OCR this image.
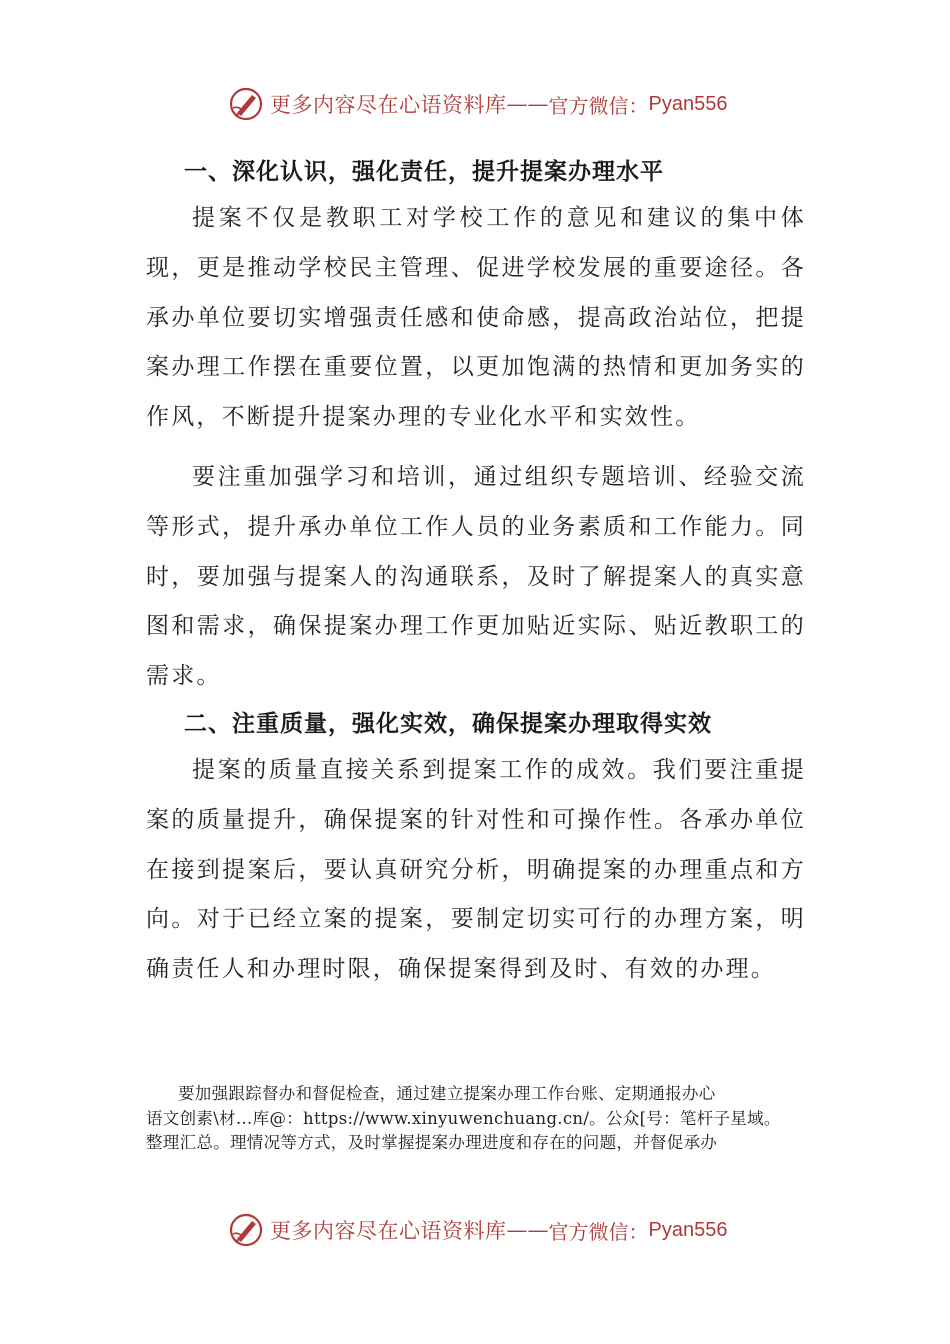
更多内容尽在心语资料库 —— 官方微信： Pyan556
一、深化认识，强化责任，提升提案办理水平

提案不仅是教职工对学校工作的意见和建议的集中体现，更是推动学校民主管理、促进学校发展的重要途径。各承办单位要切实增强责任感和使命感，提高政治站位，把提案办理工作摆在重要位置，以更加饱满的热情和更加务实的作风，不断提升提案办理的专业化水平和实效性。

要注重加强学习和培训，通过组织专题培训、经验交流等形式，提升承办单位工作人员的业务素质和工作能力。同时，要加强与提案人的沟通联系，及时了解提案人的真实意图和需求，确保提案办理工作更加贴近实际、贴近教职工的需求。

二、注重质量，强化实效，确保提案办理取得实效

提案的质量直接关系到提案工作的成效。我们要注重提案的质量提升，确保提案的针对性和可操作性。各承办单位在接到提案后，要认真研究分析，明确提案的办理重点和方向。对于已经立案的提案，要制定切实可行的办理方案，明确责任人和办理时限，确保提案得到及时、有效的办理。

要加强跟踪督办和督促检查，通过建立提案办理工作台账、定期通报办心

语文创素\材…库@：https://www.xinyuwenchuang.cn/。公众[号：笔杆子星域。

整理汇总。理情况等方式，及时掌握提案办理进度和存在的问题，并督促承办

更多内容尽在心语资料库 —— 官方微信： Pyan556
